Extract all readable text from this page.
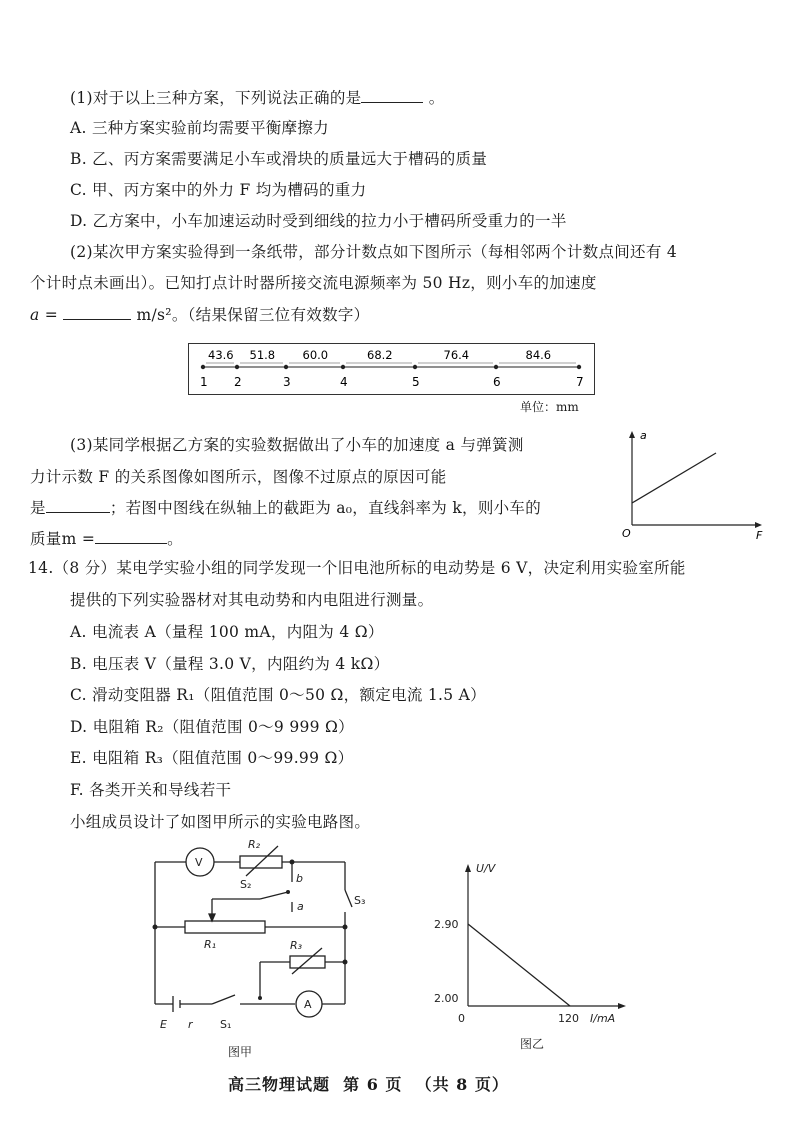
(1)对于以上三种方案，下列说法正确的是	。
A. 三种方案实验前均需要平衡摩擦力
B. 乙、丙方案需要满足小车或滑块的质量远大于槽码的质量
C. 甲、丙方案中的外力 F 均为槽码的重力
D. 乙方案中，小车加速运动时受到细线的拉力小于槽码所受重力的一半
(2)某次甲方案实验得到一条纸带，部分计数点如下图所示（每相邻两个计数点间还有 4
个计时点未画出）。已知打点计时器所接交流电源频率为 50 Hz，则小车的加速度
a =	m/s²。（结果保留三位有效数字）
1 2	3	4	5	6	7
43.6 51.8 60.0	68.2	76.4	84.6
单位：mm
(3)某同学根据乙方案的实验数据做出了小车的加速度 a 与弹簧测
力计示数 F 的关系图像如图所示，图像不过原点的原因可能
是	；若图中图线在纵轴上的截距为 a₀，直线斜率为 k，则小车的
质量m =	。
a
O	F
14.（8 分）某电学实验小组的同学发现一个旧电池所标的电动势是 6 V，决定利用实验室所能
提供的下列实验器材对其电动势和内电阻进行测量。
A. 电流表 A（量程 100 mA，内阻为 4 Ω）
B. 电压表 V（量程 3.0 V，内阻约为 4 kΩ）
C. 滑动变阻器 R₁（阻值范围 0～50 Ω，额定电流 1.5 A）
D. 电阻箱 R₂（阻值范围 0～9 999 Ω）
E. 电阻箱 R₃（阻值范围 0～99.99 Ω）
F. 各类开关和导线若干
小组成员设计了如图甲所示的实验电路图。
V
A
R₂
S₂	b
a	S₃
R₁	R₃
E r S₁
图甲
U/V
2.90
2.00
0	120 I/mA
图乙
高三物理试题 第 6 页 （共 8 页）
